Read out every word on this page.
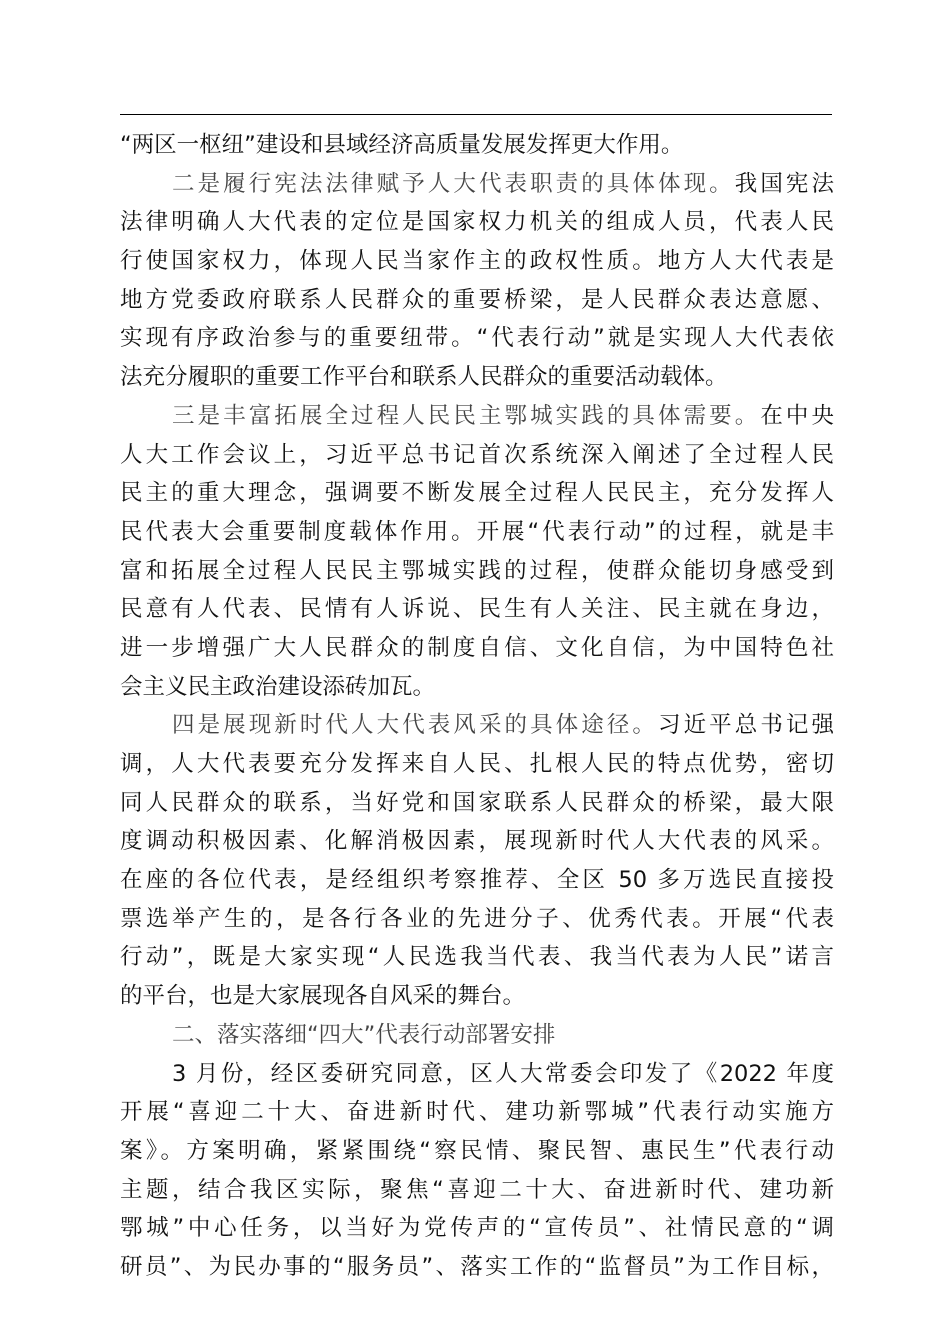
“两区一枢纽”建设和县域经济高质量发展发挥更大作用。
二是履行宪法法律赋予人大代表职责的具体体现。我国宪法
法律明确人大代表的定位是国家权力机关的组成人员，代表人民
行使国家权力，体现人民当家作主的政权性质。地方人大代表是
地方党委政府联系人民群众的重要桥梁，是人民群众表达意愿、
实现有序政治参与的重要纽带。“代表行动”就是实现人大代表依
法充分履职的重要工作平台和联系人民群众的重要活动载体。
三是丰富拓展全过程人民民主鄂城实践的具体需要。在中央
人大工作会议上，习近平总书记首次系统深入阐述了全过程人民
民主的重大理念，强调要不断发展全过程人民民主，充分发挥人
民代表大会重要制度载体作用。开展“代表行动”的过程，就是丰
富和拓展全过程人民民主鄂城实践的过程，使群众能切身感受到
民意有人代表、民情有人诉说、民生有人关注、民主就在身边，
进一步增强广大人民群众的制度自信、文化自信，为中国特色社
会主义民主政治建设添砖加瓦。
四是展现新时代人大代表风采的具体途径。习近平总书记强
调，人大代表要充分发挥来自人民、扎根人民的特点优势，密切
同人民群众的联系，当好党和国家联系人民群众的桥梁，最大限
度调动积极因素、化解消极因素，展现新时代人大代表的风采。
在座的各位代表，是经组织考察推荐、全区 50 多万选民直接投
票选举产生的，是各行各业的先进分子、优秀代表。开展“代表
行动”，既是大家实现“人民选我当代表、我当代表为人民”诺言
的平台，也是大家展现各自风采的舞台。
二、落实落细“四大”代表行动部署安排
3 月份，经区委研究同意，区人大常委会印发了《2022 年度
开展“喜迎二十大、奋进新时代、建功新鄂城”代表行动实施方
案》。方案明确，紧紧围绕“察民情、聚民智、惠民生”代表行动
主题，结合我区实际，聚焦“喜迎二十大、奋进新时代、建功新
鄂城”中心任务，以当好为党传声的“宣传员”、社情民意的“调
研员”、为民办事的“服务员”、落实工作的“监督员”为工作目标，
